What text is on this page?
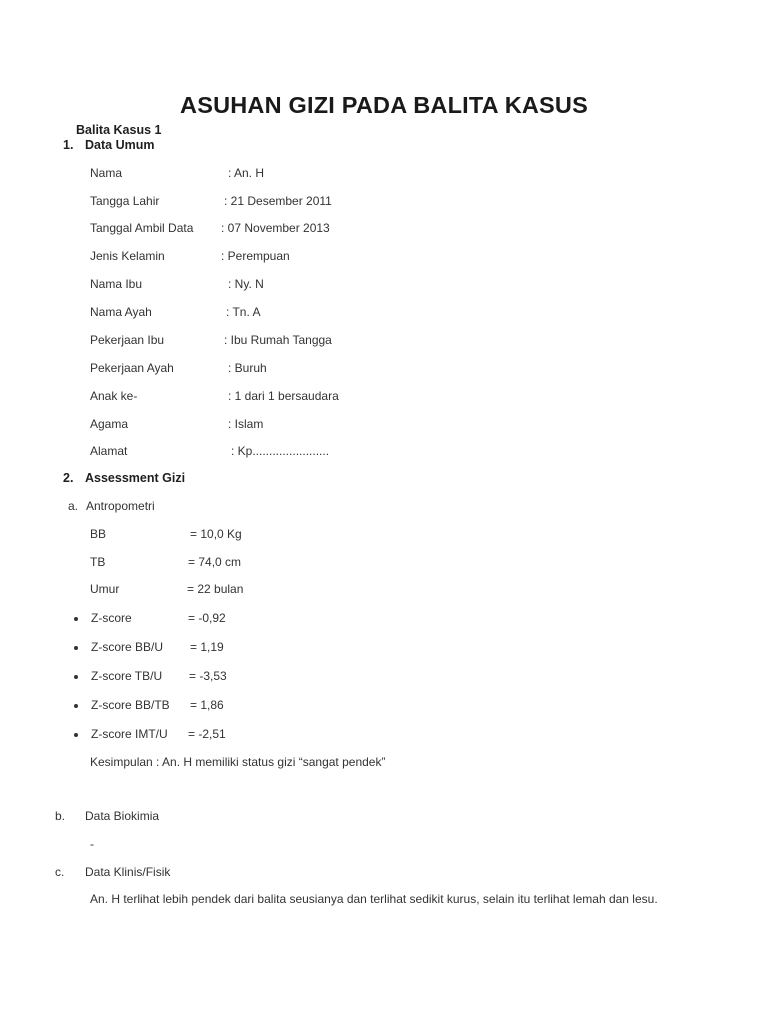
ASUHAN GIZI PADA BALITA KASUS
Balita Kasus 1
1. Data Umum
Nama	: An. H
Tangga Lahir	: 21 Desember 2011
Tanggal Ambil Data : 07 November 2013
Jenis Kelamin	: Perempuan
Nama Ibu	: Ny. N
Nama Ayah	: Tn. A
Pekerjaan Ibu	: Ibu Rumah Tangga
Pekerjaan Ayah	: Buruh
Anak ke-	: 1 dari 1 bersaudara
Agama	: Islam
Alamat	: Kp.......................
2. Assessment Gizi
a. Antropometri
BB	= 10,0 Kg
TB	= 74,0 cm
Umur	= 22 bulan
Z-score	= -0,92
Z-score BB/U = 1,19
Z-score TB/U = -3,53
Z-score BB/TB = 1,86
Z-score IMT/U = -2,51
Kesimpulan : An. H memiliki status gizi “sangat pendek”
b. Data Biokimia
-
c. Data Klinis/Fisik
An. H terlihat lebih pendek dari balita seusianya dan terlihat sedikit kurus, selain itu terlihat lemah dan lesu.
